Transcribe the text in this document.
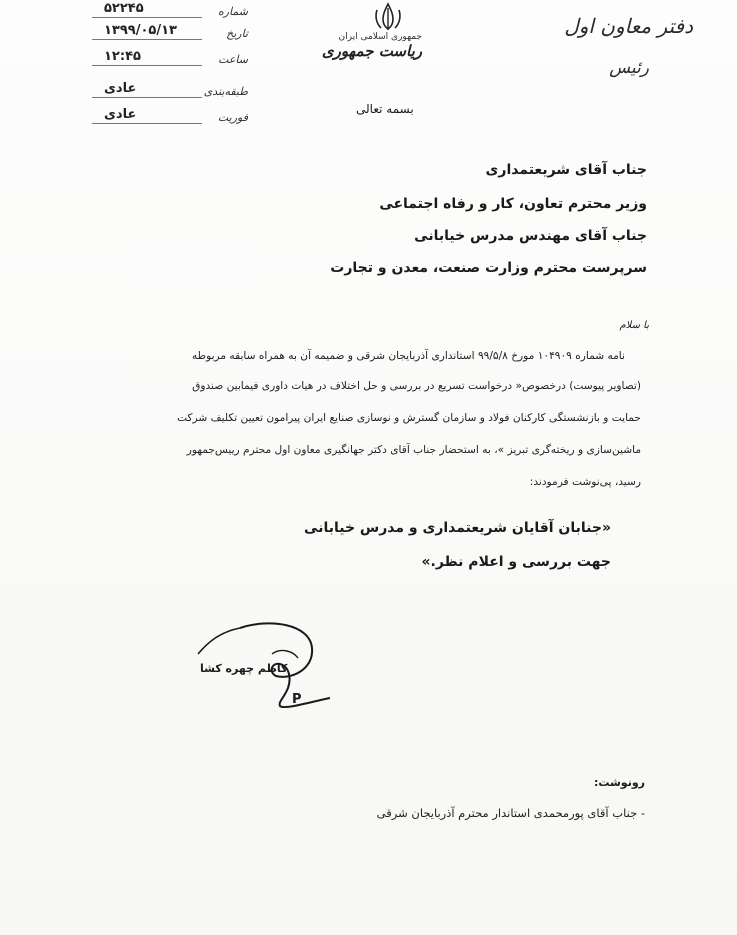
۵۲۲۴۵	شماره
۱۳۹۹/۰۵/۱۳	تاریخ
۱۲:۴۵	ساعت
عادی	طبقه‌بندی
عادی	فوریت
جمهوری اسلامی ایران
ریاست جمهوری
دفتر معاون اول
رئیس
بسمه تعالی
جناب آقای شریعتمداری
وزیر محترم تعاون، کار و رفاه اجتماعی
جناب آقای مهندس مدرس خیابانی
سرپرست محترم وزارت صنعت، معدن و تجارت
با سلام
نامه شماره ۱۰۴۹۰۹ مورخ ۹۹/۵/۸ استانداری آذربایجان شرقی و ضمیمه آن به همراه سابقه مربوطه
(تصاویر پیوست) درخصوص« درخواست تسریع در بررسی و حل اختلاف در هیات داوری فیمابین صندوق
حمایت و بازنشستگی کارکنان فولاد و سازمان گسترش و نوسازی صنایع ایران پیرامون تعیین تکلیف شرکت
ماشین‌سازی و ریخته‌گری تبریز »، به استحضار جناب آقای دکتر جهانگیری معاون اول محترم رییس‌جمهور
رسید، پی‌نوشت فرمودند:
«جنابان آقایان شریعتمداری و مدرس خیابانی
جهت بررسی و اعلام نظر.»
کاظم چهره کشا
P
رونوشت:
- جناب آقای پورمحمدی استاندار محترم آذربایجان شرقی
